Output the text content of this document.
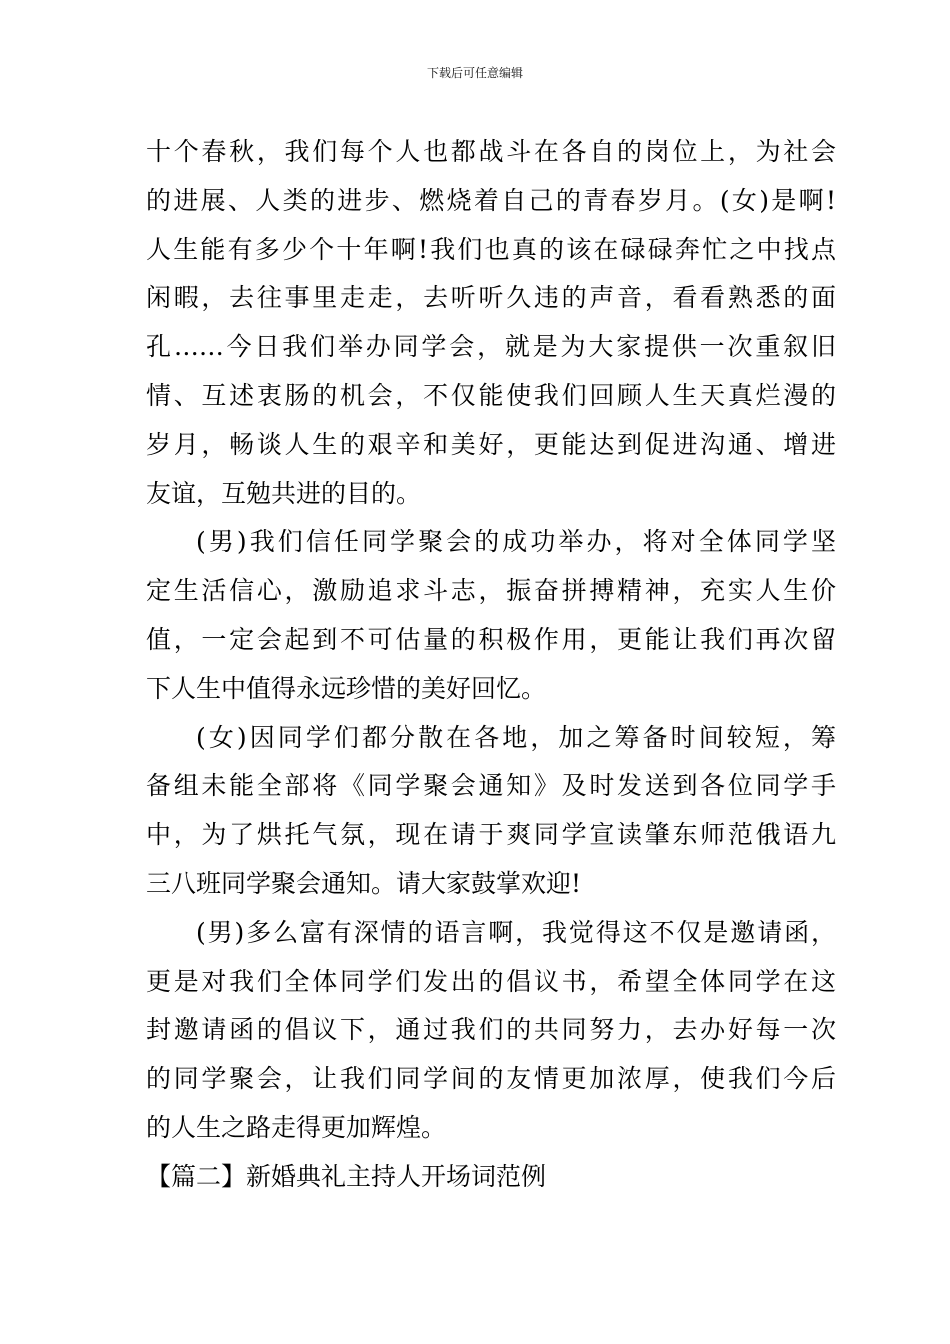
下载后可任意编辑
十个春秋，我们每个人也都战斗在各自的岗位上，为社会
的进展、人类的进步、燃烧着自己的青春岁月。(女)是啊!
人生能有多少个十年啊!我们也真的该在碌碌奔忙之中找点
闲暇，去往事里走走，去听听久违的声音，看看熟悉的面
孔……今日我们举办同学会，就是为大家提供一次重叙旧
情、互述衷肠的机会，不仅能使我们回顾人生天真烂漫的
岁月，畅谈人生的艰辛和美好，更能达到促进沟通、增进
友谊，互勉共进的目的。
(男)我们信任同学聚会的成功举办，将对全体同学坚
定生活信心，激励追求斗志，振奋拼搏精神，充实人生价
值，一定会起到不可估量的积极作用，更能让我们再次留
下人生中值得永远珍惜的美好回忆。
(女)因同学们都分散在各地，加之筹备时间较短，筹
备组未能全部将《同学聚会通知》及时发送到各位同学手
中，为了烘托气氛，现在请于爽同学宣读肇东师范俄语九
三八班同学聚会通知。请大家鼓掌欢迎!
(男)多么富有深情的语言啊，我觉得这不仅是邀请函，
更是对我们全体同学们发出的倡议书，希望全体同学在这
封邀请函的倡议下，通过我们的共同努力，去办好每一次
的同学聚会，让我们同学间的友情更加浓厚，使我们今后
的人生之路走得更加辉煌。
【篇二】新婚典礼主持人开场词范例
